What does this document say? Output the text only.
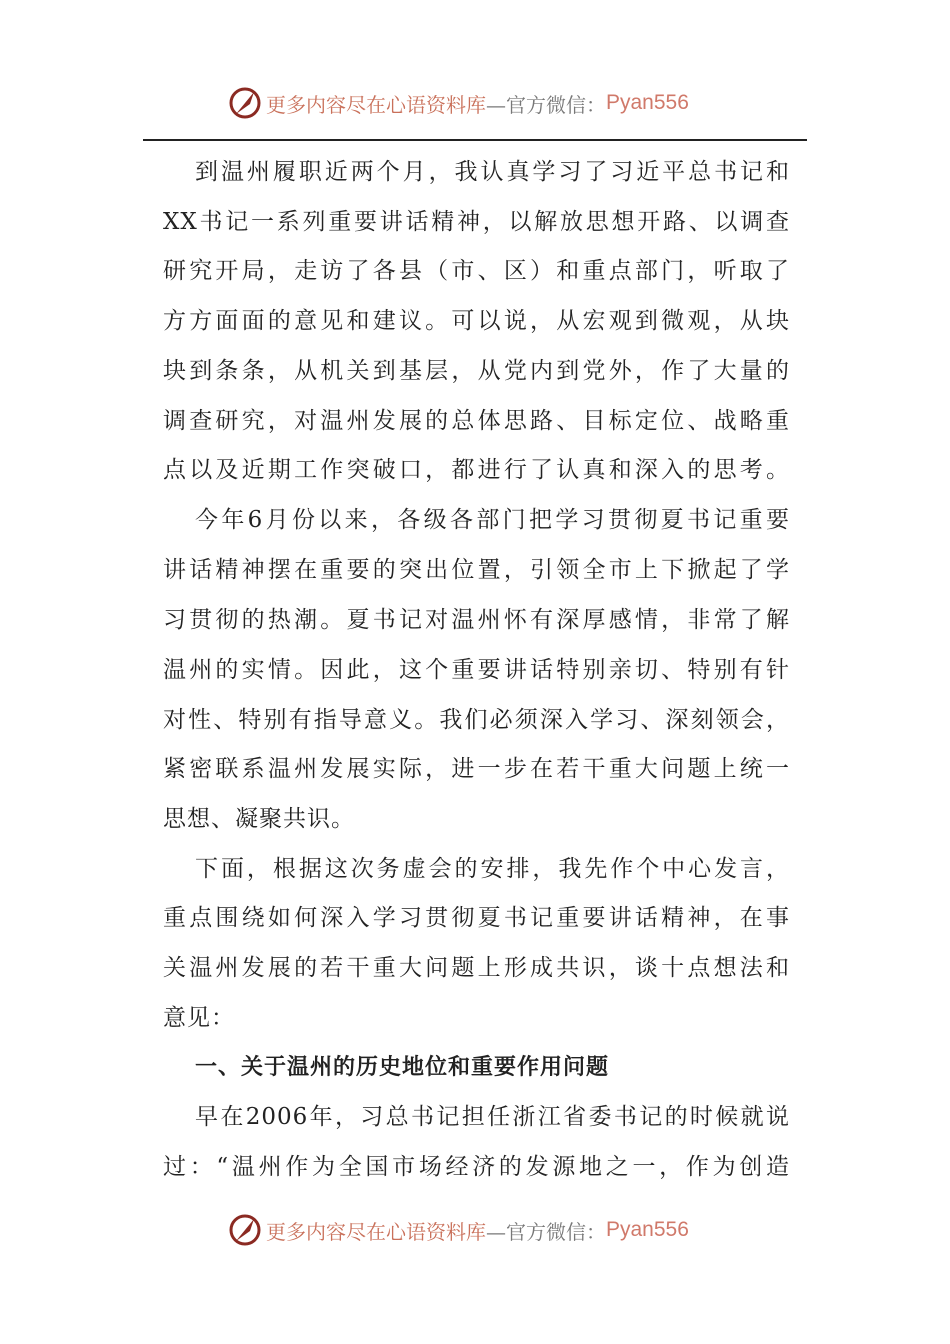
更多内容尽在心语资料库 —官方微信： Pyan556
到温州履职近两个月，我认真学习了习近平总书记和
XX书记一系列重要讲话精神，以解放思想开路、以调查
研究开局，走访了各县（市、区）和重点部门，听取了
方方面面的意见和建议。可以说，从宏观到微观，从块
块到条条，从机关到基层，从党内到党外，作了大量的
调查研究，对温州发展的总体思路、目标定位、战略重
点以及近期工作突破口，都进行了认真和深入的思考。
今年6月份以来，各级各部门把学习贯彻夏书记重要
讲话精神摆在重要的突出位置，引领全市上下掀起了学
习贯彻的热潮。夏书记对温州怀有深厚感情，非常了解
温州的实情。因此，这个重要讲话特别亲切、特别有针
对性、特别有指导意义。我们必须深入学习、深刻领会，
紧密联系温州发展实际，进一步在若干重大问题上统一
思想、凝聚共识。
下面，根据这次务虚会的安排，我先作个中心发言，
重点围绕如何深入学习贯彻夏书记重要讲话精神，在事
关温州发展的若干重大问题上形成共识，谈十点想法和
意见：
一、关于温州的历史地位和重要作用问题
早在2006年，习总书记担任浙江省委书记的时候就说
过：“温州作为全国市场经济的发源地之一，作为创造
更多内容尽在心语资料库 —官方微信： Pyan556
